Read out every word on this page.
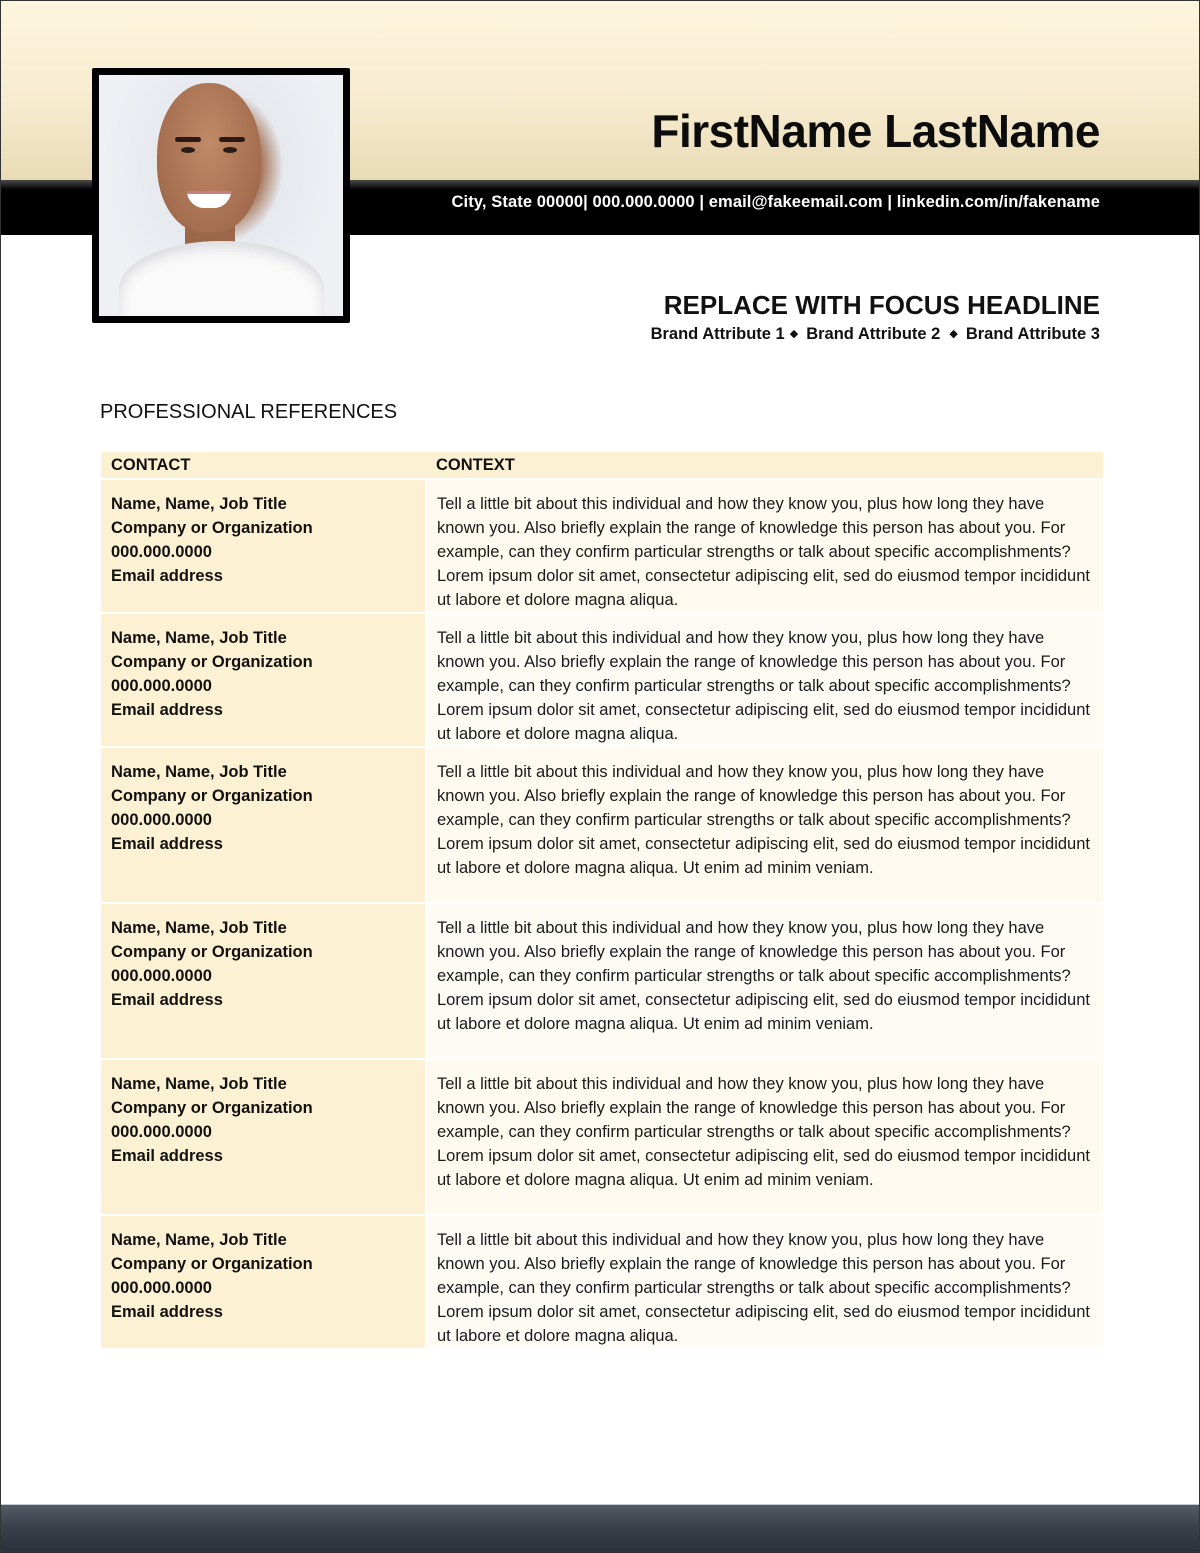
City, State 00000| 000.000.0000 | email@fakeemail.com | linkedin.com/in/fakename
FirstName LastName
REPLACE WITH FOCUS HEADLINE
Brand Attribute 1 ◆ Brand Attribute 2 ◆ Brand Attribute 3
PROFESSIONAL REFERENCES
CONTACT	CONTEXT

Name, Name, Job Title
Company or Organization
000.000.0000
Email address
	Tell a little bit about this individual and how they know you, plus how long they have known you. Also briefly explain the range of knowledge this person has about you. For example, can they confirm particular strengths or talk about specific accomplishments? Lorem ipsum dolor sit amet, consectetur adipiscing elit, sed do eiusmod tempor incididunt ut labore et dolore magna aliqua.

Name, Name, Job Title
Company or Organization
000.000.0000
Email address
	Tell a little bit about this individual and how they know you, plus how long they have known you. Also briefly explain the range of knowledge this person has about you. For example, can they confirm particular strengths or talk about specific accomplishments? Lorem ipsum dolor sit amet, consectetur adipiscing elit, sed do eiusmod tempor incididunt ut labore et dolore magna aliqua.

Name, Name, Job Title
Company or Organization
000.000.0000
Email address
	Tell a little bit about this individual and how they know you, plus how long they have known you. Also briefly explain the range of knowledge this person has about you. For example, can they confirm particular strengths or talk about specific accomplishments? Lorem ipsum dolor sit amet, consectetur adipiscing elit, sed do eiusmod tempor incididunt ut labore et dolore magna aliqua. Ut enim ad minim veniam.

Name, Name, Job Title
Company or Organization
000.000.0000
Email address
	Tell a little bit about this individual and how they know you, plus how long they have known you. Also briefly explain the range of knowledge this person has about you. For example, can they confirm particular strengths or talk about specific accomplishments? Lorem ipsum dolor sit amet, consectetur adipiscing elit, sed do eiusmod tempor incididunt ut labore et dolore magna aliqua. Ut enim ad minim veniam.

Name, Name, Job Title
Company or Organization
000.000.0000
Email address
	Tell a little bit about this individual and how they know you, plus how long they have known you. Also briefly explain the range of knowledge this person has about you. For example, can they confirm particular strengths or talk about specific accomplishments? Lorem ipsum dolor sit amet, consectetur adipiscing elit, sed do eiusmod tempor incididunt ut labore et dolore magna aliqua. Ut enim ad minim veniam.

Name, Name, Job Title
Company or Organization
000.000.0000
Email address
	Tell a little bit about this individual and how they know you, plus how long they have known you. Also briefly explain the range of knowledge this person has about you. For example, can they confirm particular strengths or talk about specific accomplishments? Lorem ipsum dolor sit amet, consectetur adipiscing elit, sed do eiusmod tempor incididunt ut labore et dolore magna aliqua.
